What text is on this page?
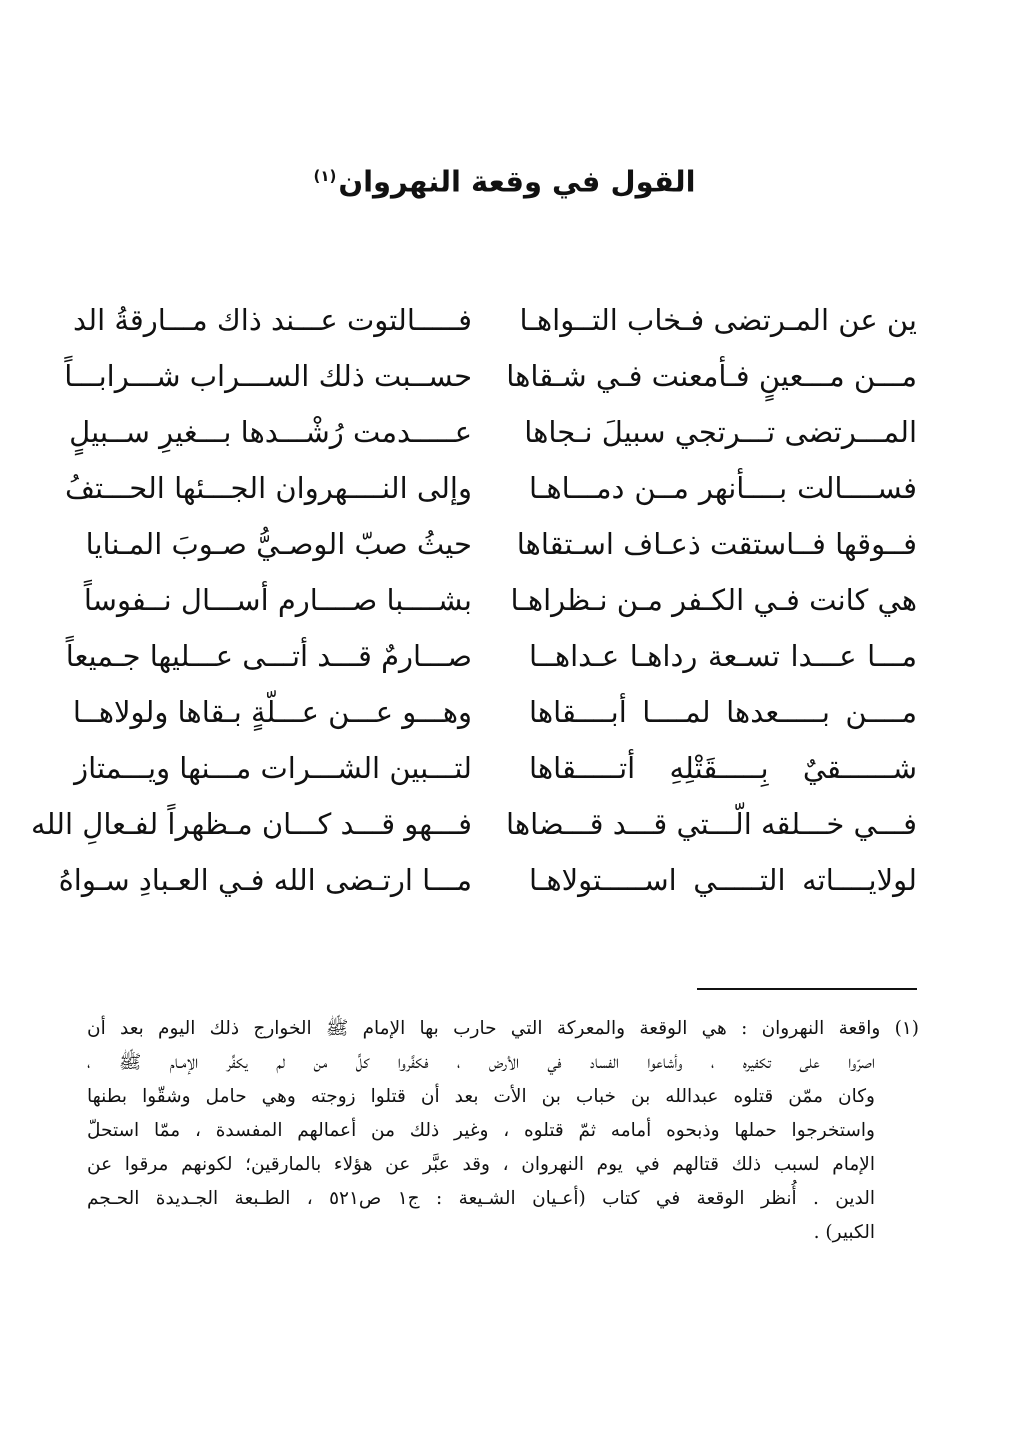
القول في وقعة النهروان$^{(١)}$
فـــــالتوت عـــند ذاك مـــارقةُ الد ين عن المـرتضى فـخاب التــواهـا
حســبت ذلك الســـراب شـــرابـــاً مـــن مـــعينٍ فـأمعنت فـي شـقاها
عـــــدمت رُشْـــدها بـــغيرِ ســبيلٍ المـــرتضى تـــرتجي سبيلَ نـجاها
وإلى النــــهروان الجـــئها الحـــتفُ فســــالت بــــأنهر مــن دمـــاهـا
حيثُ صبّ الوصـيُّ صـوبَ المـنايا فــوقها فــاستقت ذعـاف اسـتقاها
بشــــبا صــــارم أســـال نــفوساً هي كانت فـي الكـفر مـن نـظراهـا
صـــارمٌ قـــد أتـــى عـــليها جـميعاً مـــا عـــدا تسـعة رداهـا عـداهــا
وهـــو عـــن عـــلّةٍ بـقاها ولولاهــا مــــن بـــــعدها لمــــا أبــــقاها
لتـــبين الشـــرات مـــنها ويـــمتاز شــــــقيٌ بِـــــقَتْلِهِ أتـــــقاها
فـــهو قـــد كـــان مـظهراً لفـعالِ الله فـــي خـــلقه الّـــتي قـــد قـــضاها
مـــا ارتـضى الله فـي العـبادِ سـواهُ لولايــــاته التـــــي اســـــتولاهـا
(١) واقعة النهروان : هي الوقعة والمعركة التي حارب بها الإمام ﷺ الخوارج ذلك اليوم بعد أن
اصرّوا على تكفيره ، وأشاعوا الفساد في الأرض ، فكفَّروا كلَّ من لم يكفِّر الإمـام ﷺ ،
وكان ممّن قتلوه عبدالله بن خباب بن الأت بعد أن قتلوا زوجته وهي حامل وشقّوا بطنها
واستخرجوا حملها وذبحوه أمامه ثمّ قتلوه ، وغير ذلك من أعمالهم المفسدة ، ممّا استحلّ
الإمام لسبب ذلك قتالهم في يوم النهروان ، وقد عبَّر عن هؤلاء بالمارقين؛ لكونهم مرقوا عن
الدين . أُنظر الوقعة في كتاب (أعـيان الشـيعة : ج١ ص٥٢١ ، الطـبعة الجـديدة الحـجم
الكبير) .
